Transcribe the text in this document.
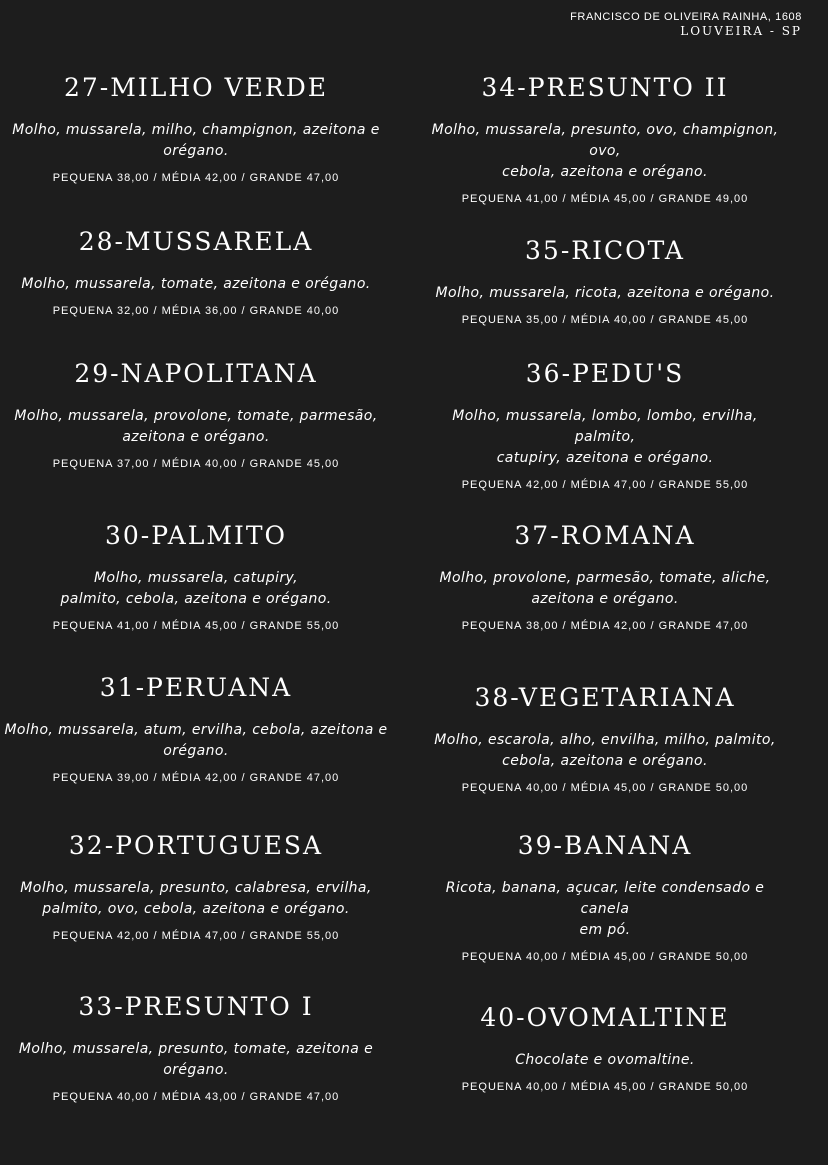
FRANCISCO DE OLIVEIRA RAINHA, 1608
LOUVEIRA - SP
27-MILHO VERDE
Molho, mussarela, milho, champignon, azeitona e
orégano.
PEQUENA 38,00 / MÉDIA 42,00 / GRANDE 47,00
28-MUSSARELA
Molho, mussarela, tomate, azeitona e orégano.
PEQUENA 32,00 / MÉDIA 36,00 / GRANDE 40,00
29-NAPOLITANA
Molho, mussarela, provolone, tomate, parmesão,
azeitona e orégano.
PEQUENA 37,00 / MÉDIA 40,00 / GRANDE 45,00
30-PALMITO
Molho, mussarela, catupiry,
palmito, cebola, azeitona e orégano.
PEQUENA 41,00 / MÉDIA 45,00 / GRANDE 55,00
31-PERUANA
Molho, mussarela, atum, ervilha, cebola, azeitona e
orégano.
PEQUENA 39,00 / MÉDIA 42,00 / GRANDE 47,00
32-PORTUGUESA
Molho, mussarela, presunto, calabresa, ervilha,
palmito, ovo, cebola, azeitona e orégano.
PEQUENA 42,00 / MÉDIA 47,00 / GRANDE 55,00
33-PRESUNTO I
Molho, mussarela, presunto, tomate, azeitona e
orégano.
PEQUENA 40,00 / MÉDIA 43,00 / GRANDE 47,00
34-PRESUNTO II
Molho, mussarela, presunto, ovo, champignon, ovo,
cebola, azeitona e orégano.
PEQUENA 41,00 / MÉDIA 45,00 / GRANDE 49,00
35-RICOTA
Molho, mussarela, ricota, azeitona e orégano.
PEQUENA 35,00 / MÉDIA 40,00 / GRANDE 45,00
36-PEDU'S
Molho, mussarela, lombo, lombo, ervilha, palmito,
catupiry, azeitona e orégano.
PEQUENA 42,00 / MÉDIA 47,00 / GRANDE 55,00
37-ROMANA
Molho, provolone, parmesão, tomate, aliche,
azeitona e orégano.
PEQUENA 38,00 / MÉDIA 42,00 / GRANDE 47,00
38-VEGETARIANA
Molho, escarola, alho, envilha, milho, palmito,
cebola, azeitona e orégano.
PEQUENA 40,00 / MÉDIA 45,00 / GRANDE 50,00
39-BANANA
Ricota, banana, açucar, leite condensado e canela
em pó.
PEQUENA 40,00 / MÉDIA 45,00 / GRANDE 50,00
40-OVOMALTINE
Chocolate e ovomaltine.
PEQUENA 40,00 / MÉDIA 45,00 / GRANDE 50,00
